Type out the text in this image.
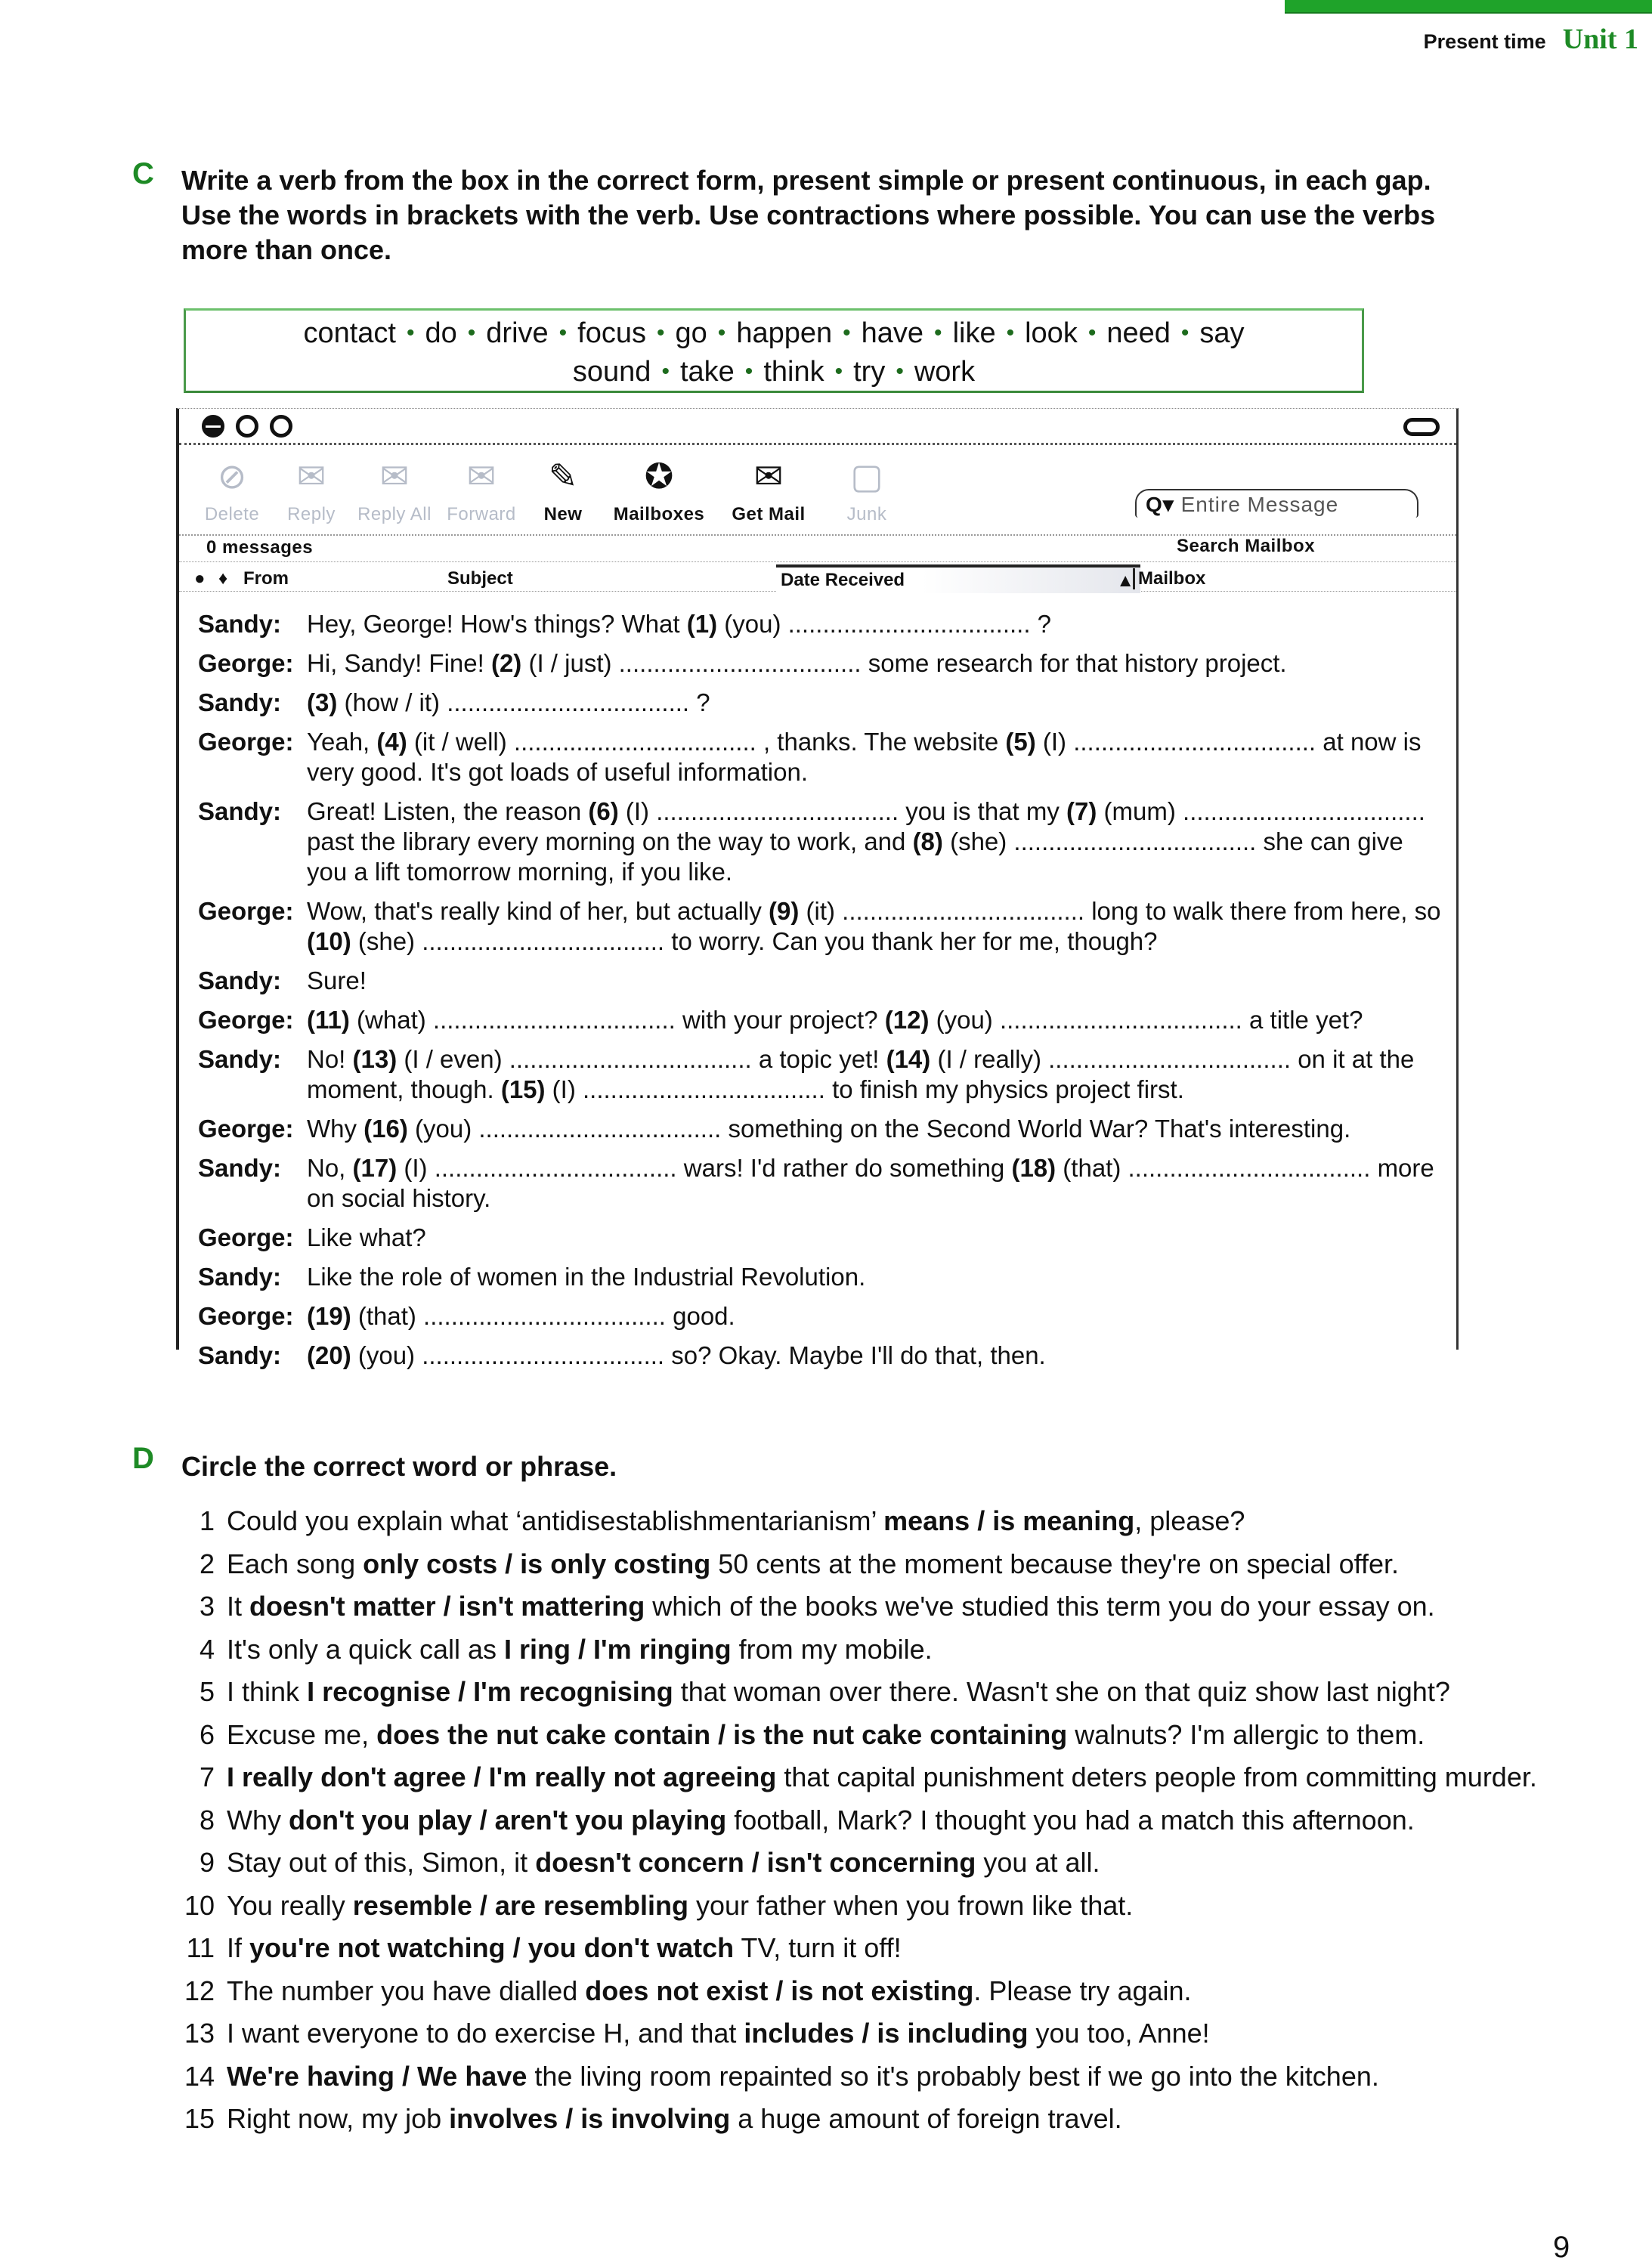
Present time Unit 1
C Write a verb from the box in the correct form, present simple or present continuous, in each gap. Use the words in brackets with the verb. Use contractions where possible. You can use the verbs more than once.
contact • do • drive • focus • go • happen • have • like • look • need • say
sound • take • think • try • work
⊘
Delete
✉
Reply
✉
Reply All
✉
Forward
✎
New
✪
Mailboxes
✉
Get Mail
▢
Junk	Q▾ Entire Message
Search Mailbox
0 messages
● ♦ From	Subject	Date Received	▲ Mailbox
Sandy:	Hey, George! How's things? What (1) (you) ................................... ?
George: Hi, Sandy! Fine! (2) (I / just) ................................... some research for that history project.
Sandy:	(3) (how / it) ................................... ?
George: Yeah, (4) (it / well) ................................... , thanks. The website (5) (I) ................................... at now is very good. It's got loads of useful information.
Sandy:	Great! Listen, the reason (6) (I) ................................... you is that my (7) (mum) ................................... past the library every morning on the way to work, and (8) (she) ................................... she can give you a lift tomorrow morning, if you like.
George: Wow, that's really kind of her, but actually (9) (it) ................................... long to walk there from here, so (10) (she) ................................... to worry. Can you thank her for me, though?
Sandy:	Sure!
George: (11) (what) ................................... with your project? (12) (you) ................................... a title yet?
Sandy:	No! (13) (I / even) ................................... a topic yet! (14) (I / really) ................................... on it at the moment, though. (15) (I) ................................... to finish my physics project first.
George: Why (16) (you) ................................... something on the Second World War? That's interesting.
Sandy:	No, (17) (I) ................................... wars! I'd rather do something (18) (that) ................................... more on social history.
George: Like what?
Sandy:	Like the role of women in the Industrial Revolution.
George: (19) (that) ................................... good.
Sandy:	(20) (you) ................................... so? Okay. Maybe I'll do that, then.
D Circle the correct word or phrase.
1 Could you explain what ‘antidisestablishmentarianism’ means / is meaning, please?
2 Each song only costs / is only costing 50 cents at the moment because they're on special offer.
3 It doesn't matter / isn't mattering which of the books we've studied this term you do your essay on.
4 It's only a quick call as I ring / I'm ringing from my mobile.
5 I think I recognise / I'm recognising that woman over there. Wasn't she on that quiz show last night?
6 Excuse me, does the nut cake contain / is the nut cake containing walnuts? I'm allergic to them.
7 I really don't agree / I'm really not agreeing that capital punishment deters people from committing murder.
8 Why don't you play / aren't you playing football, Mark? I thought you had a match this afternoon.
9 Stay out of this, Simon, it doesn't concern / isn't concerning you at all.
10 You really resemble / are resembling your father when you frown like that.
11 If you're not watching / you don't watch TV, turn it off!
12 The number you have dialled does not exist / is not existing. Please try again.
13 I want everyone to do exercise H, and that includes / is including you too, Anne!
14 We're having / We have the living room repainted so it's probably best if we go into the kitchen.
15 Right now, my job involves / is involving a huge amount of foreign travel.
9
